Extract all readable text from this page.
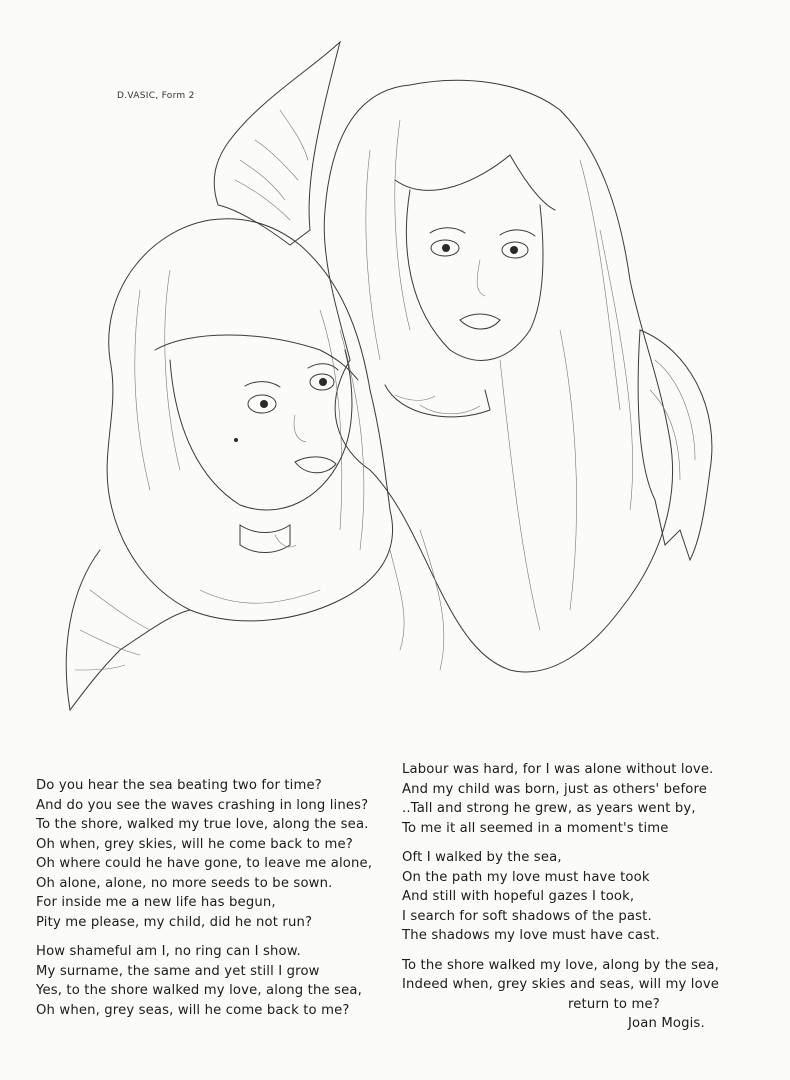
D.VASIC, Form 2
Do you hear the sea beating two for time?
And do you see the waves crashing in long lines?
To the shore, walked my true love, along the sea.
Oh when, grey skies, will he come back to me?
Oh where could he have gone, to leave me alone,
Oh alone, alone, no more seeds to be sown.
For inside me a new life has begun,
Pity me please, my child, did he not run?
How shameful am I, no ring can I show.
My surname, the same and yet still I grow
Yes, to the shore walked my love, along the sea,
Oh when, grey seas, will he come back to me?
Labour was hard, for I was alone without love.
And my child was born, just as others' before
..Tall and strong he grew, as years went by,
To me it all seemed in a moment's time
Oft I walked by the sea,
On the path my love must have took
And still with hopeful gazes I took,
I search for soft shadows of the past.
The shadows my love must have cast.
To the shore walked my love, along by the sea,
Indeed when, grey skies and seas, will my love
return to me?
Joan Mogis.
